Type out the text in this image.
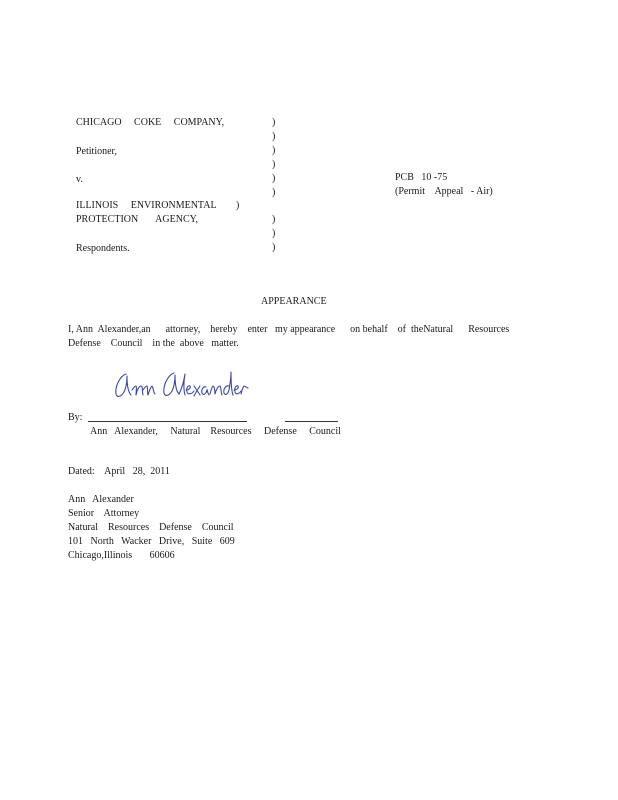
CHICAGO     COKE     COMPANY,
Petitioner,
v.
ILLINOIS     ENVIRONMENTAL )
PROTECTION       AGENCY,
Respondents.
)
)
)
)
)
)
)
)
)
PCB   10 -75
(Permit    Appeal   - Air)
APPEARANCE
I, Ann  Alexander,an      attorney,    hereby    enter   my appearance      on behalf    of  theNatural      Resources
Defense    Council    in the  above   matter.
By:
Ann   Alexander,     Natural    Resources     Defense     Council
Dated:    April   28,  2011
Ann   Alexander
Senior    Attorney
Natural    Resources    Defense    Council
101   North   Wacker   Drive,   Suite   609
Chicago,Illinois       60606
